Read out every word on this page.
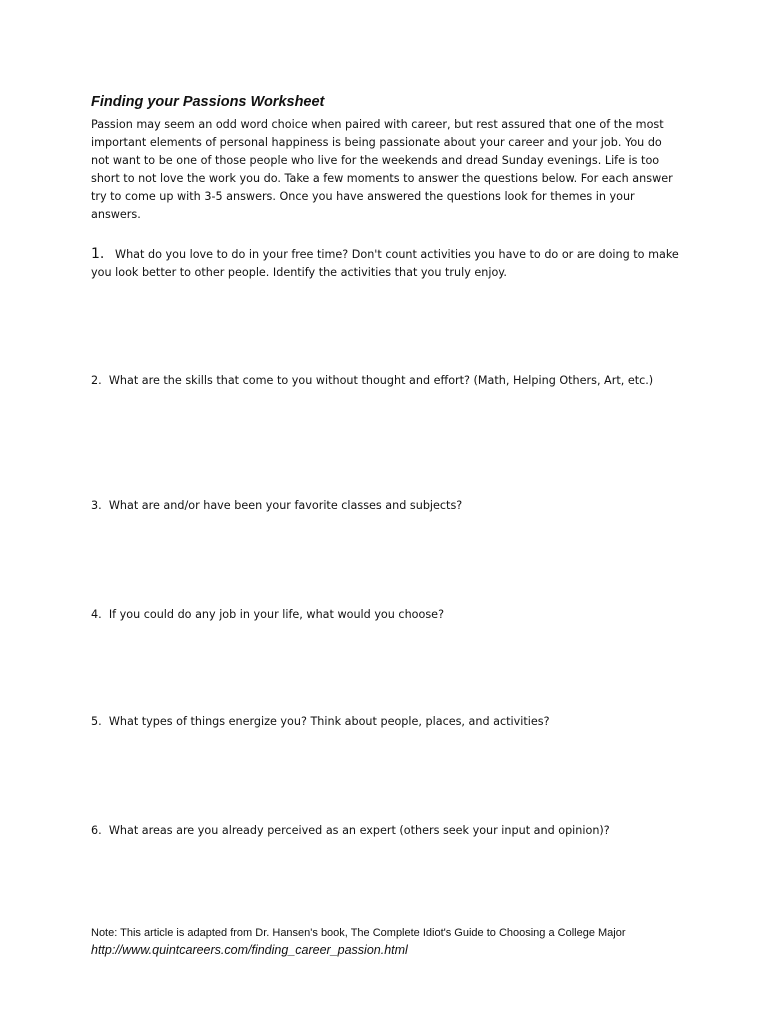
Finding your Passions Worksheet

Passion may seem an odd word choice when paired with career, but rest assured that one of the most important elements of personal happiness is being passionate about your career and your job. You do not want to be one of those people who live for the weekends and dread Sunday evenings. Life is too short to not love the work you do. Take a few moments to answer the questions below. For each answer try to come up with 3-5 answers. Once you have answered the questions look for themes in your answers.

1. What do you love to do in your free time? Don't count activities you have to do or are doing to make you look better to other people. Identify the activities that you truly enjoy.

2. What are the skills that come to you without thought and effort? (Math, Helping Others, Art, etc.)

3. What are and/or have been your favorite classes and subjects?

4. If you could do any job in your life, what would you choose?

5. What types of things energize you? Think about people, places, and activities?

6. What areas are you already perceived as an expert (others seek your input and opinion)?

Note: This article is adapted from Dr. Hansen's book, The Complete Idiot's Guide to Choosing a College Major

http://www.quintcareers.com/finding_career_passion.html
